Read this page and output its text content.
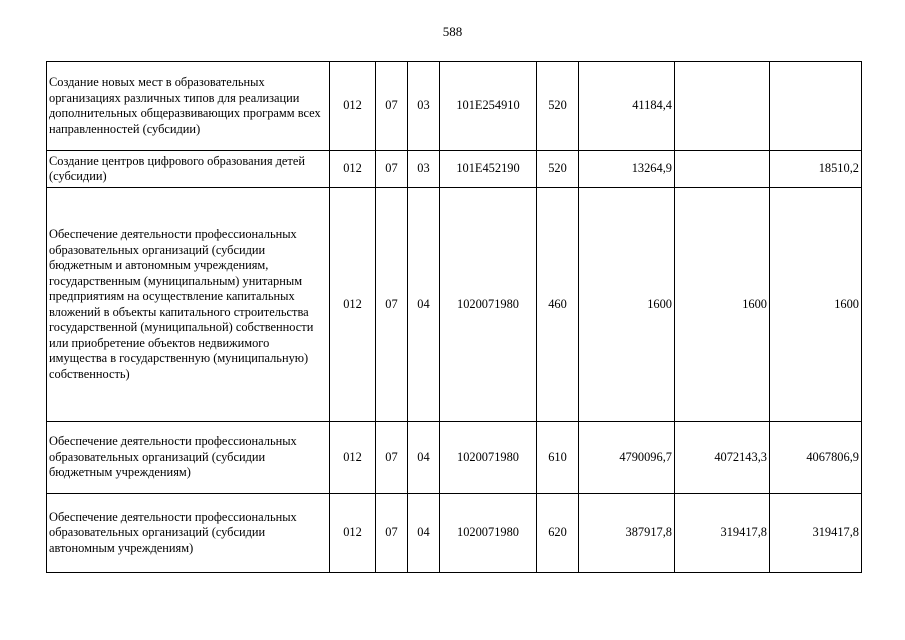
588
Создание новых мест в образовательных организациях различных типов для реализации дополнительных общеразвивающих программ всех направленностей (субсидии)	012	07	03	101E254910	520	41184,4		
Создание центров цифрового образования детей (субсидии)	012	07	03	101E452190	520	13264,9		18510,2
Обеспечение деятельности профессиональных образовательных организаций (субсидии бюджетным и автономным учреждениям, государственным (муниципальным) унитарным предприятиям на осуществление капитальных вложений в объекты капитального строительства государственной (муниципальной) собственности или приобретение объектов недвижимого имущества в государственную (муниципальную) собственность)	012	07	04	1020071980	460	1600	1600	1600
Обеспечение деятельности профессиональных образовательных организаций (субсидии бюджетным учреждениям)	012	07	04	1020071980	610	4790096,7	4072143,3	4067806,9
Обеспечение деятельности профессиональных образовательных организаций (субсидии автономным учреждениям)	012	07	04	1020071980	620	387917,8	319417,8	319417,8
